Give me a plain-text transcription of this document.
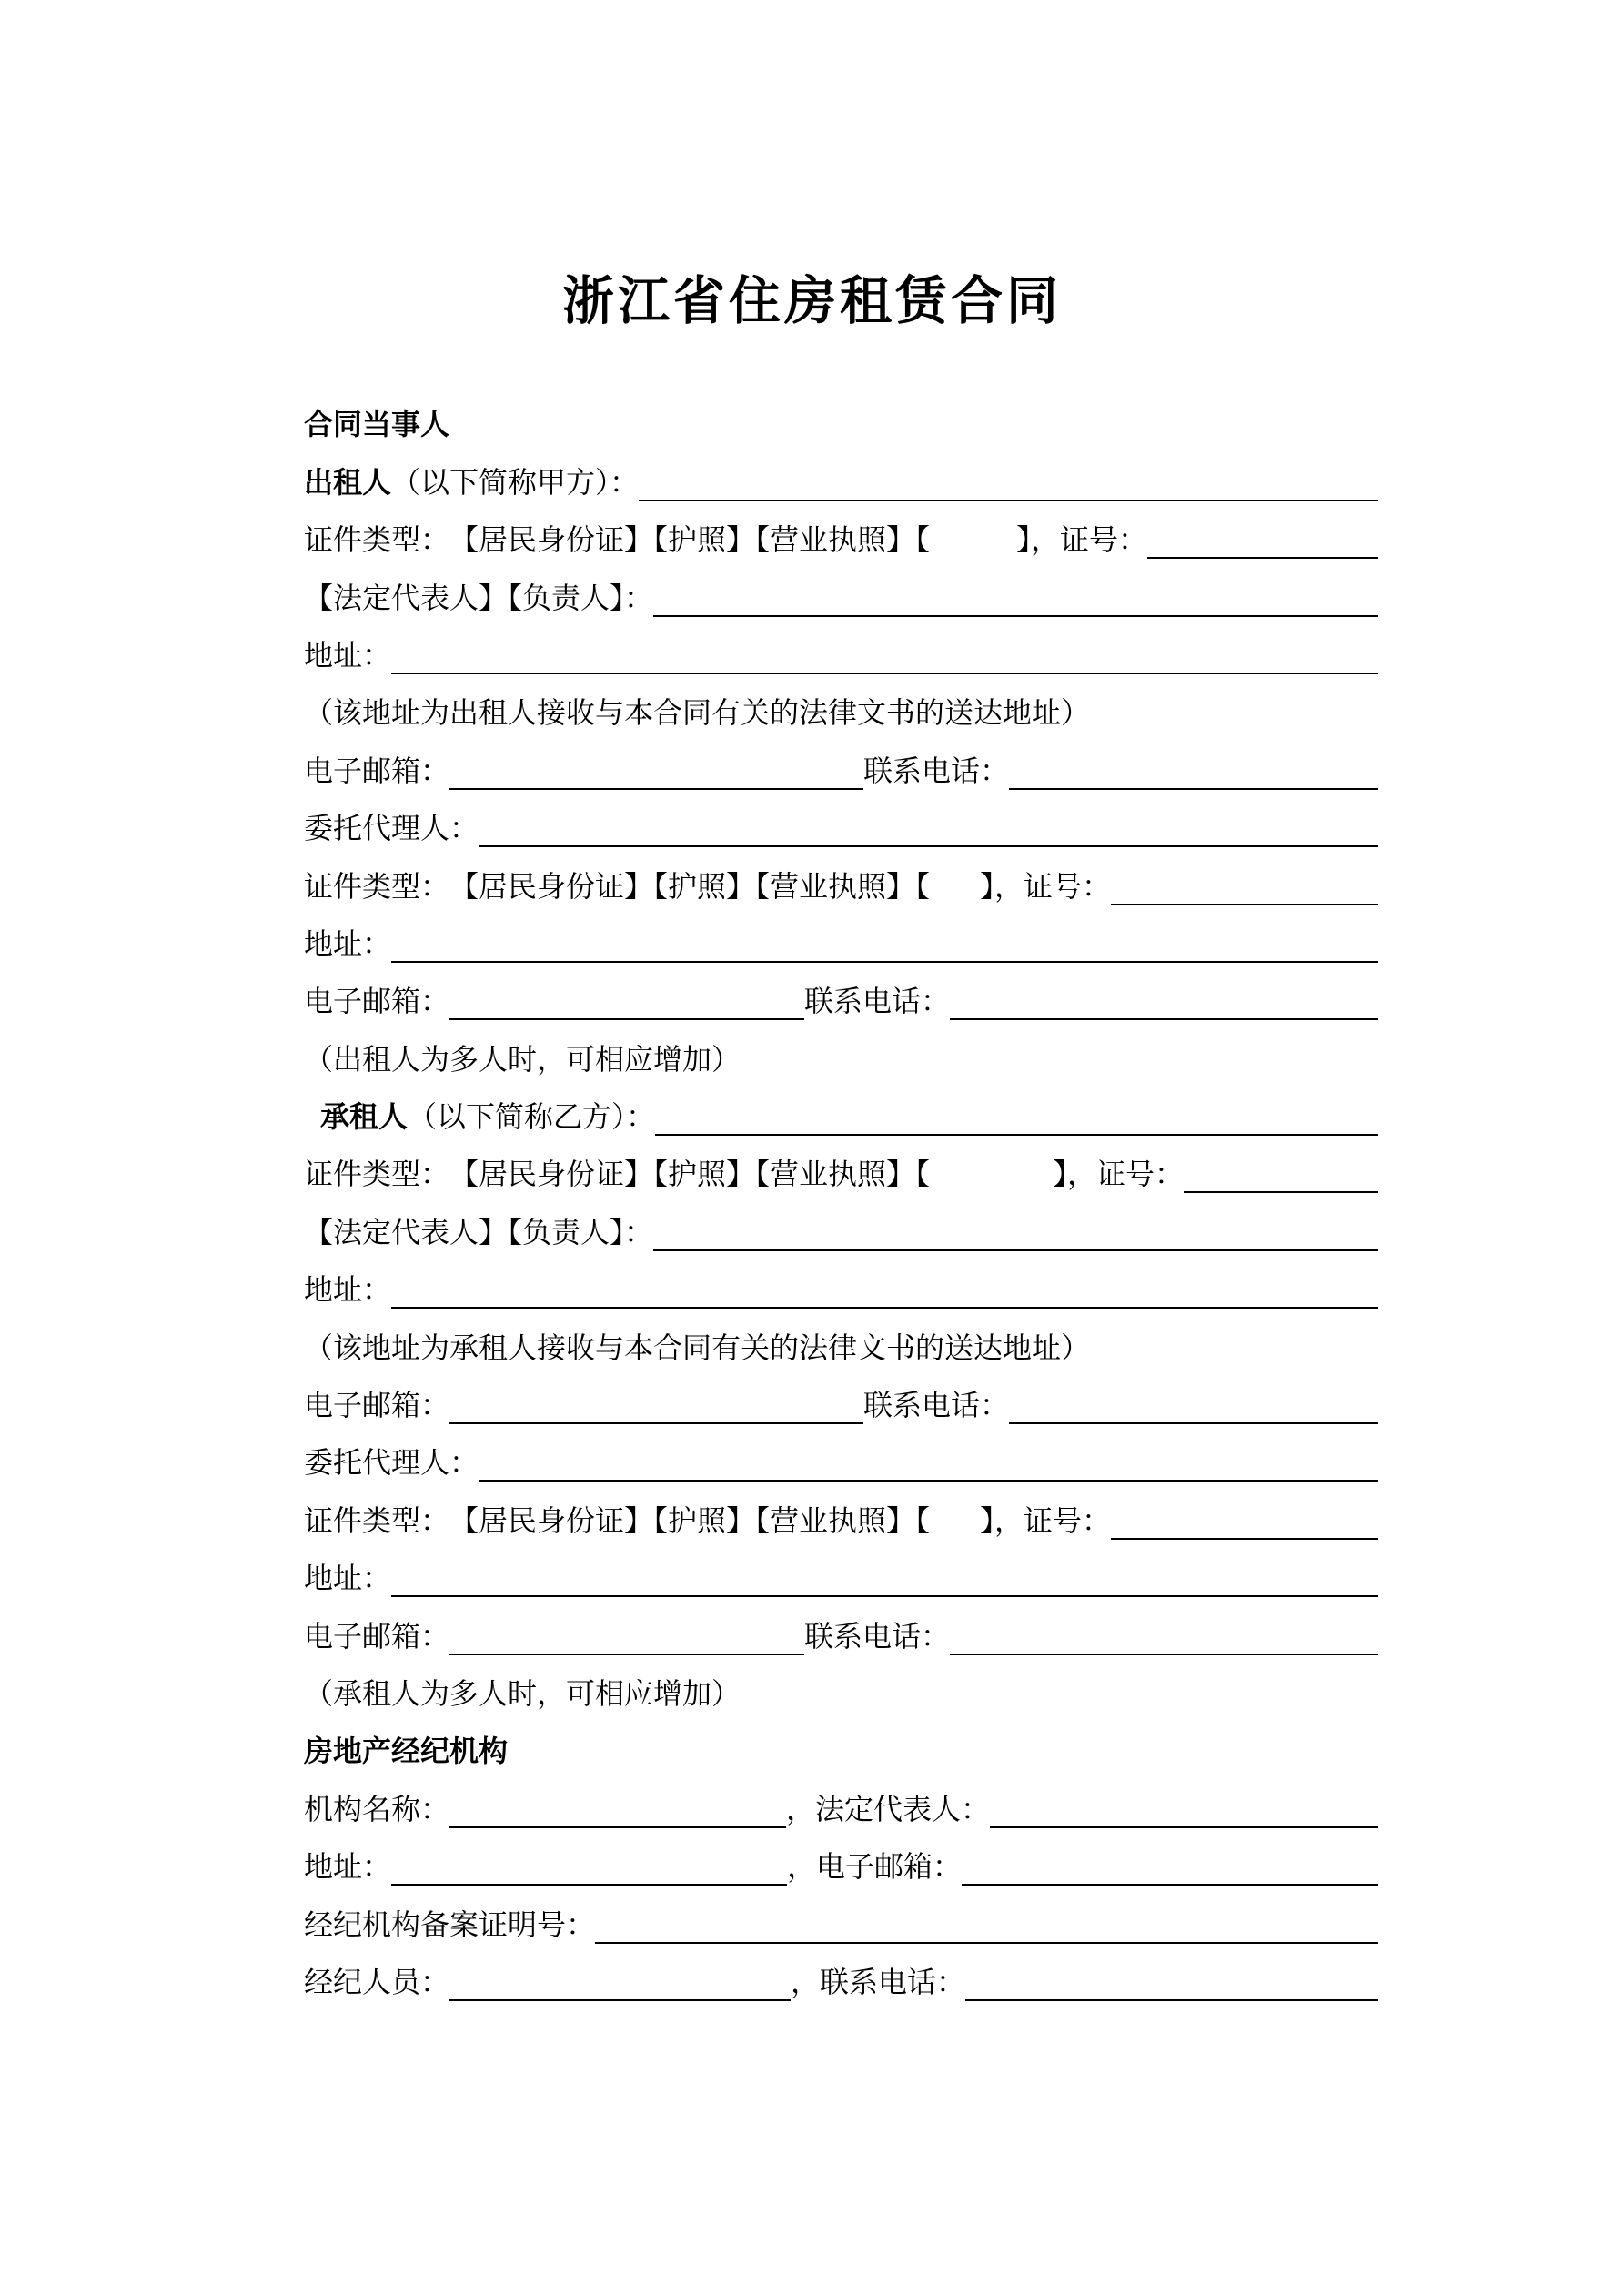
浙江省住房租赁合同
合同当事人
出租人 （以下简称甲方）：
证件类型： 【居民身份证】【护照】【营业执照】【	】，证号：
【法定代表人】【负责人】：
地址：
（该地址为出租人接收与本合同有关的法律文书的送达地址）
电子邮箱：	联系电话：
委托代理人：
证件类型： 【居民身份证】【护照】【营业执照】【 】，证号：
地址：
电子邮箱：	联系电话：
（出租人为多人时，可相应增加）
承租人 （以下简称乙方）：
证件类型： 【居民身份证】【护照】【营业执照】【	】，证号：
【法定代表人】【负责人】：
地址：
（该地址为承租人接收与本合同有关的法律文书的送达地址）
电子邮箱：	联系电话：
委托代理人：
证件类型： 【居民身份证】【护照】【营业执照】【 】，证号：
地址：
电子邮箱：	联系电话：
（承租人为多人时，可相应增加）
房地产经纪机构
机构名称：	，法定代表人：
地址：	，电子邮箱：
经纪机构备案证明号：
经纪人员：	，联系电话：
